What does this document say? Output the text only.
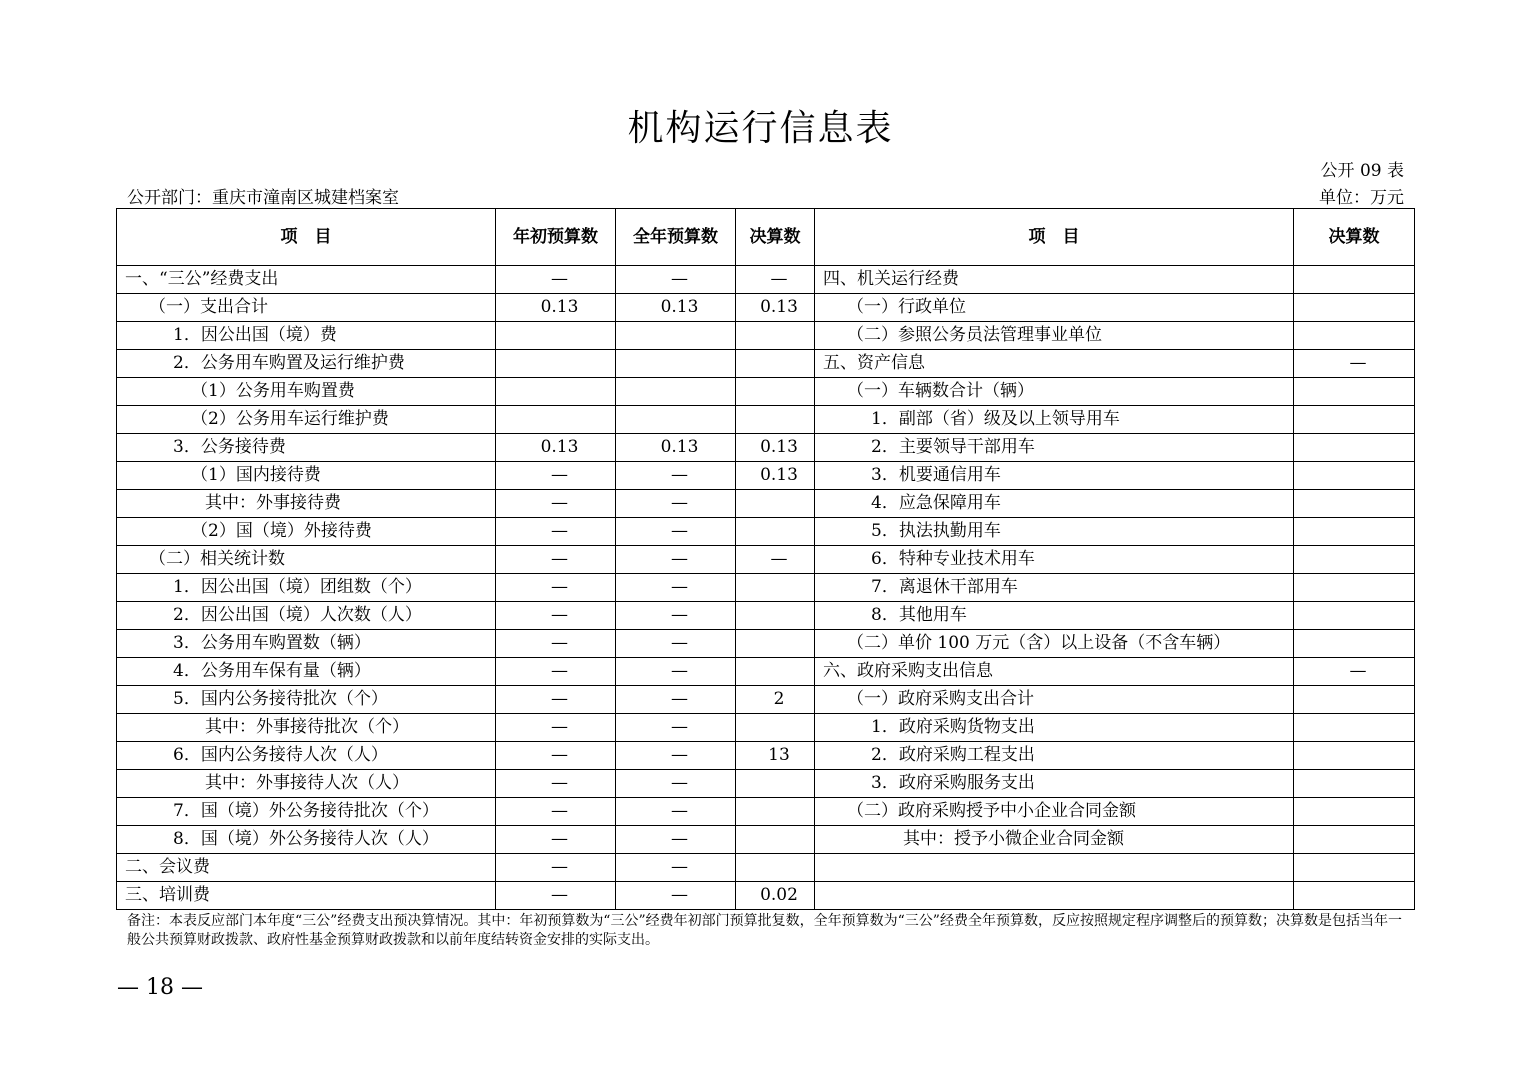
机构运行信息表
公开 09 表
公开部门：重庆市潼南区城建档案室	单位：万元
项　目	年初预算数	全年预算数	决算数	项　目	决算数
一、“三公”经费支出	—	—	—	四、机关运行经费	
（一）支出合计	0.13	0.13	0.13	（一）行政单位	
1．因公出国（境）费				（二）参照公务员法管理事业单位	
2．公务用车购置及运行维护费				五、资产信息	—
（1）公务用车购置费				（一）车辆数合计（辆）	
（2）公务用车运行维护费				1．副部（省）级及以上领导用车	
3．公务接待费	0.13	0.13	0.13	2．主要领导干部用车	
（1）国内接待费	—	—	0.13	3．机要通信用车	
其中：外事接待费	—	—		4．应急保障用车	
（2）国（境）外接待费	—	—		5．执法执勤用车	
（二）相关统计数	—	—	—	6．特种专业技术用车	
1．因公出国（境）团组数（个）	—	—		7．离退休干部用车	
2．因公出国（境）人次数（人）	—	—		8．其他用车	
3．公务用车购置数（辆）	—	—		（二）单价 100 万元（含）以上设备（不含车辆）	
4．公务用车保有量（辆）	—	—		六、政府采购支出信息	—
5．国内公务接待批次（个）	—	—	2	（一）政府采购支出合计	
其中：外事接待批次（个）	—	—		1．政府采购货物支出	
6．国内公务接待人次（人）	—	—	13	2．政府采购工程支出	
其中：外事接待人次（人）	—	—		3．政府采购服务支出	
7．国（境）外公务接待批次（个）	—	—		（二）政府采购授予中小企业合同金额	
8．国（境）外公务接待人次（人）	—	—		其中：授予小微企业合同金额	
二、会议费	—	—			
三、培训费	—	—	0.02		
备注：本表反应部门本年度“三公”经费支出预决算情况。其中：年初预算数为“三公”经费年初部门预算批复数，全年预算数为“三公”经费全年预算数，反应按照规定程序调整后的预算数；决算数是包括当年一般公共预算财政拨款、政府性基金预算财政拨款和以前年度结转资金安排的实际支出。
— 18 —
